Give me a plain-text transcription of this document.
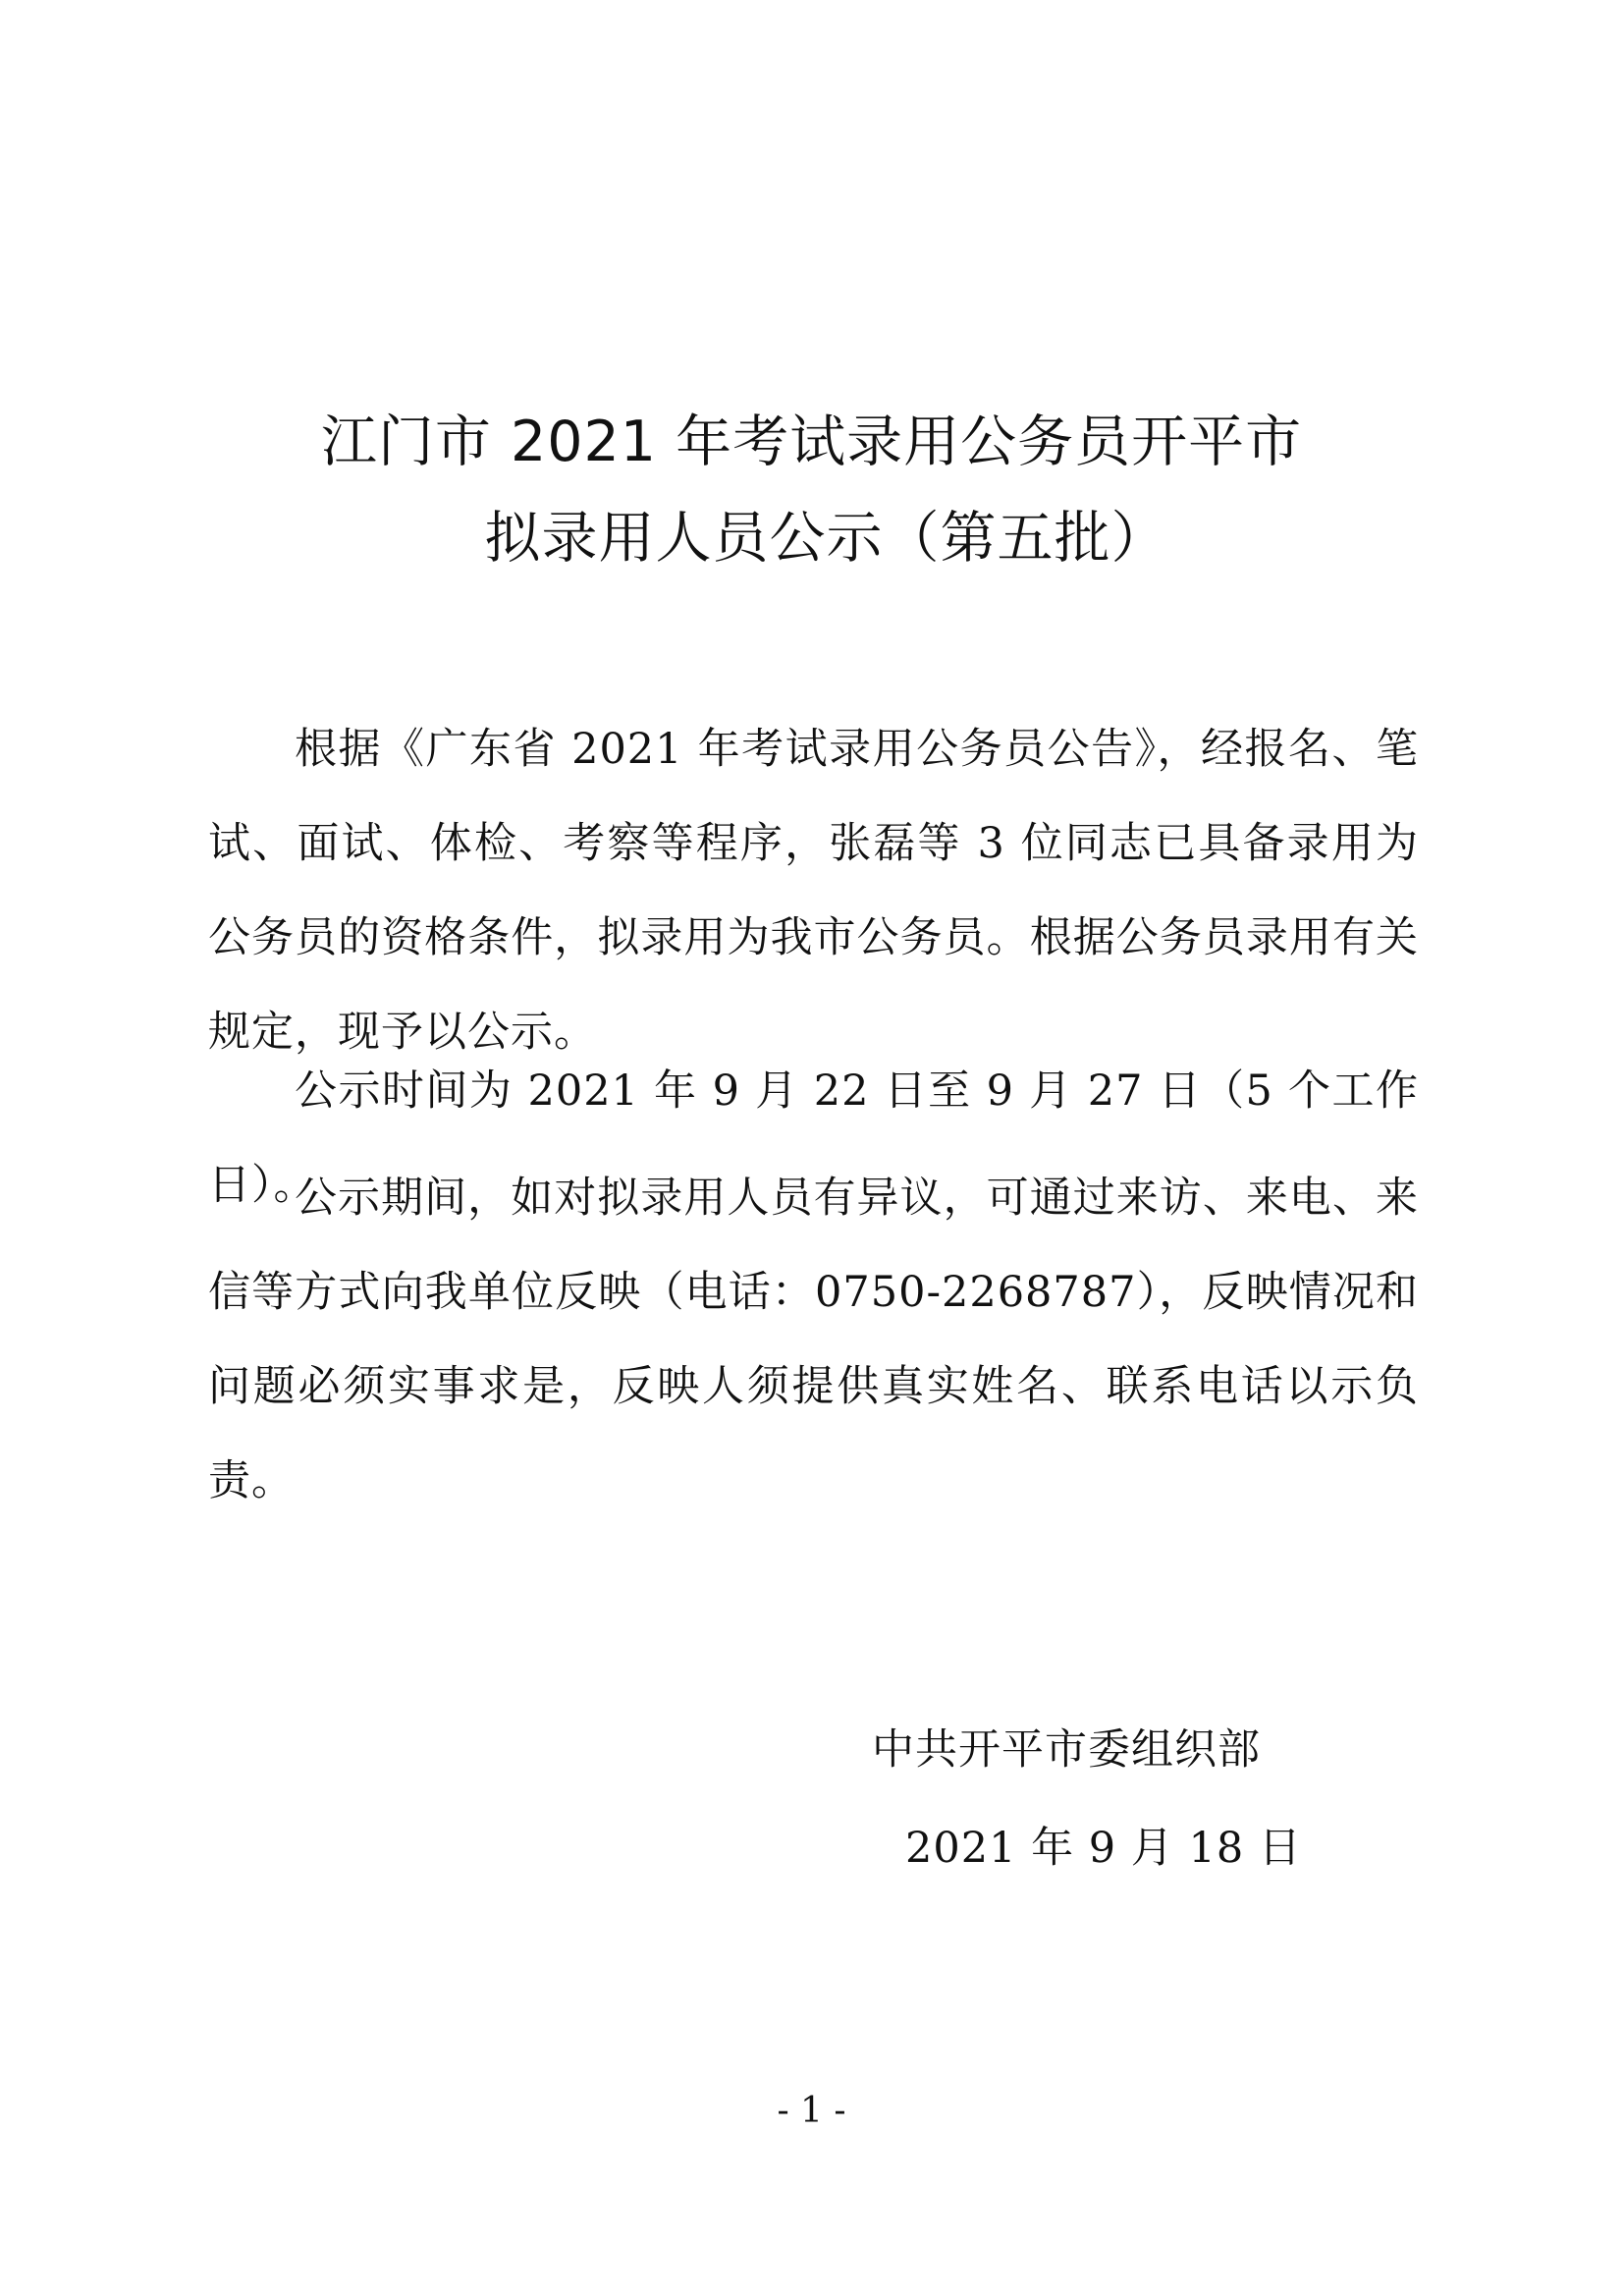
江门市 2021 年考试录用公务员开平市
拟录用人员公示（第五批）

根据《广东省 2021 年考试录用公务员公告》，经报名、笔试、面试、体检、考察等程序，张磊等 3 位同志已具备录用为公务员的资格条件，拟录用为我市公务员。根据公务员录用有关规定，现予以公示。

公示时间为 2021 年 9 月 22 日至 9 月 27 日（5 个工作日）。

公示期间，如对拟录用人员有异议，可通过来访、来电、来信等方式向我单位反映（电话：0750-2268787），反映情况和问题必须实事求是，反映人须提供真实姓名、联系电话以示负责。

中共开平市委组织部
2021 年 9 月 18 日
- 1 -
